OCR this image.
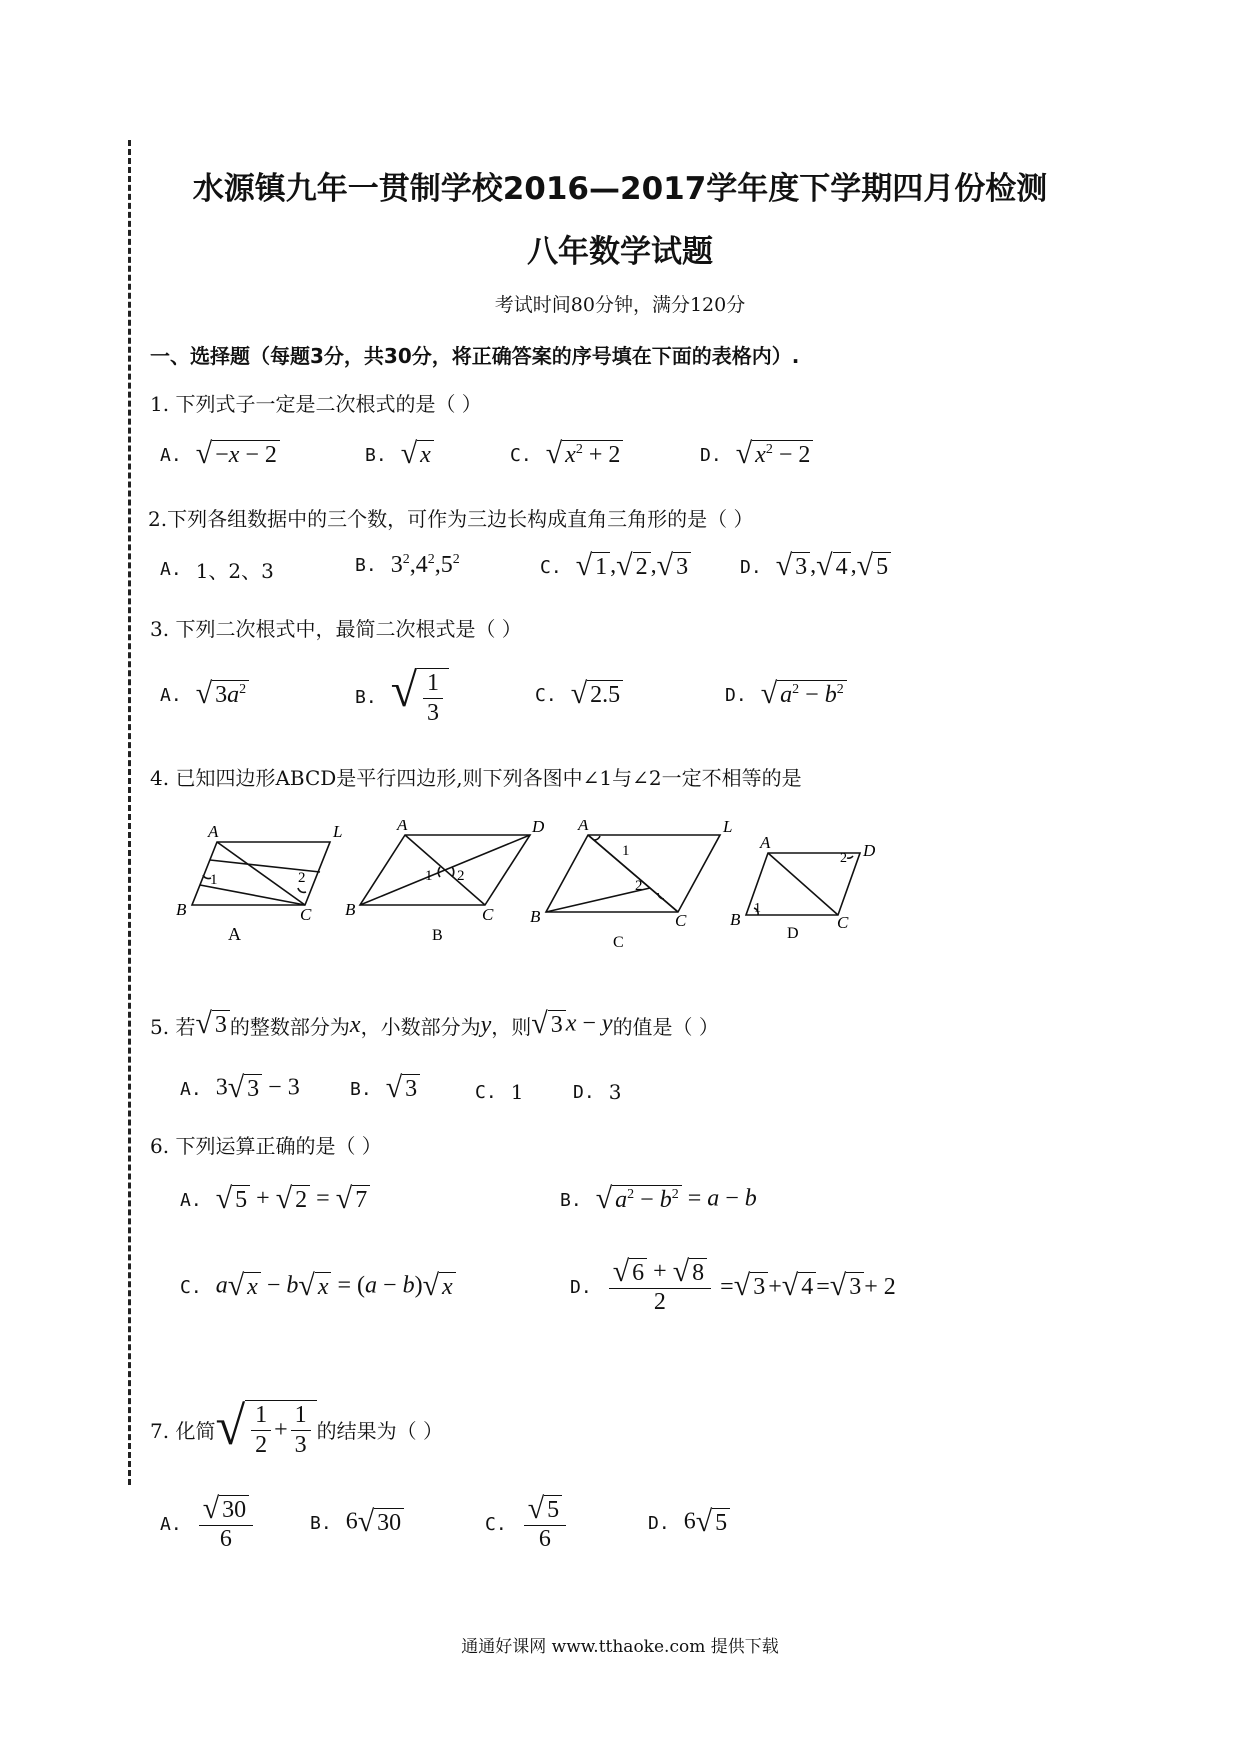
水源镇九年一贯制学校2016—2017学年度下学期四月份检测
八年数学试题
考试时间80分钟，满分120分
一、选择题（每题3分，共30分，将正确答案的序号填在下面的表格内）.
1. 下列式子一定是二次根式的是（ ）
A. √ −x − 2	B. √ x	C. √ $x^2 + 2$	D. √ $x^2 - 2$
2.下列各组数据中的三个数，可作为三边长构成直角三角形的是（ ）
A. 1、2、3	B. $3^2,4^2,5^2$	C. √ 1 , √ 2 , √ 3	D. √ 3 , √ 4 , √ 5
3. 下列二次根式中，最简二次根式是（ ）
A. √ $3a^2$	B. √ $\frac{1}{3}$	C. √ 2.5	D. √ $a^2 - b^2$
4. 已知四边形ABCD是平行四边形,则下列各图中∠1与∠2一定不相等的是
A	L
B	C
1	2
A
A	D
B	C
1 2
B
A	L
B	C
1
2
C
A	D
B	C
1
2
D
5. 若 √ 3 的整数部分为 x ，小数部分为 y ，则 √ 3 x − y 的值是（ ）
A. 3 √ 3 − 3	B. √ 3	C. 1	D. 3
6. 下列运算正确的是（ ）
A. √ 5 + √ 2 = √ 7	B. √ $a^2 - b^2 = a - b$
C. a √ x − b √ x = (a − b) √ x	D. $\frac{√ 6 + √ 8}{2}$ = √ 3 + √ 4 = √ 3 + 2
7. 化简 √ $\frac{1}{2} + \frac{1}{3}$ 的结果为（ ）
A. $\frac{√ 30}{6}$	B. 6 √ 30	C. $\frac{√ 5}{6}$	D. 6 √ 5
通通好课网 www.tthaoke.com 提供下载
